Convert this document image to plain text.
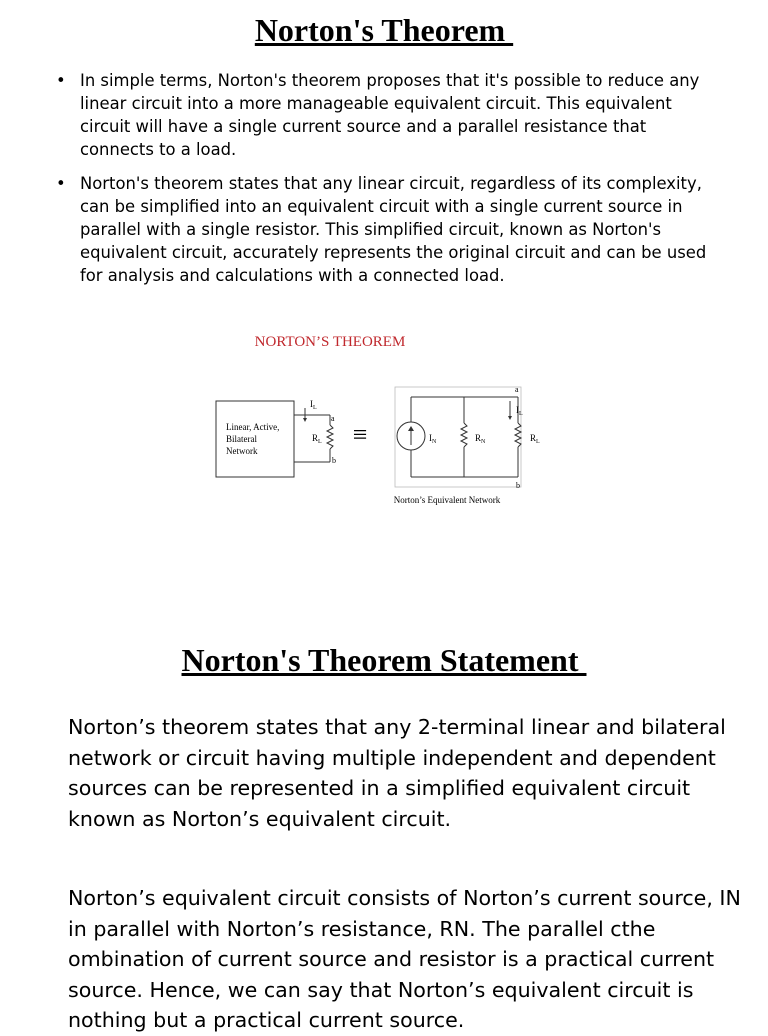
Norton's Theorem
• In simple terms, Norton's theorem proposes that it's possible to reduce any linear circuit into a more manageable equivalent circuit. This equivalent circuit will have a single current source and a parallel resistance that connects to a load.
• Norton's theorem states that any linear circuit, regardless of its complexity, can be simplified into an equivalent circuit with a single current source in parallel with a single resistor. This simplified circuit, known as Norton's equivalent circuit, accurately represents the original circuit and can be used for analysis and calculations with a connected load.
NORTON’S THEOREM
Linear, Active,
Bilateral
Network
$I_L$
a
b
$R_L$ ≡	$I_N$	$R_N$	$R_L$
$I_L$
a
b
Norton’s Equivalent Network
Norton's Theorem Statement

Norton’s theorem states that any 2-terminal linear and bilateral network or circuit having multiple independent and dependent sources can be represented in a simplified equivalent circuit known as Norton’s equivalent circuit.

Norton’s equivalent circuit consists of Norton’s current source, IN in parallel with Norton’s resistance, RN. The parallel cthe ombination of current source and resistor is a practical current source. Hence, we can say that Norton’s equivalent circuit is nothing but a practical current source.
